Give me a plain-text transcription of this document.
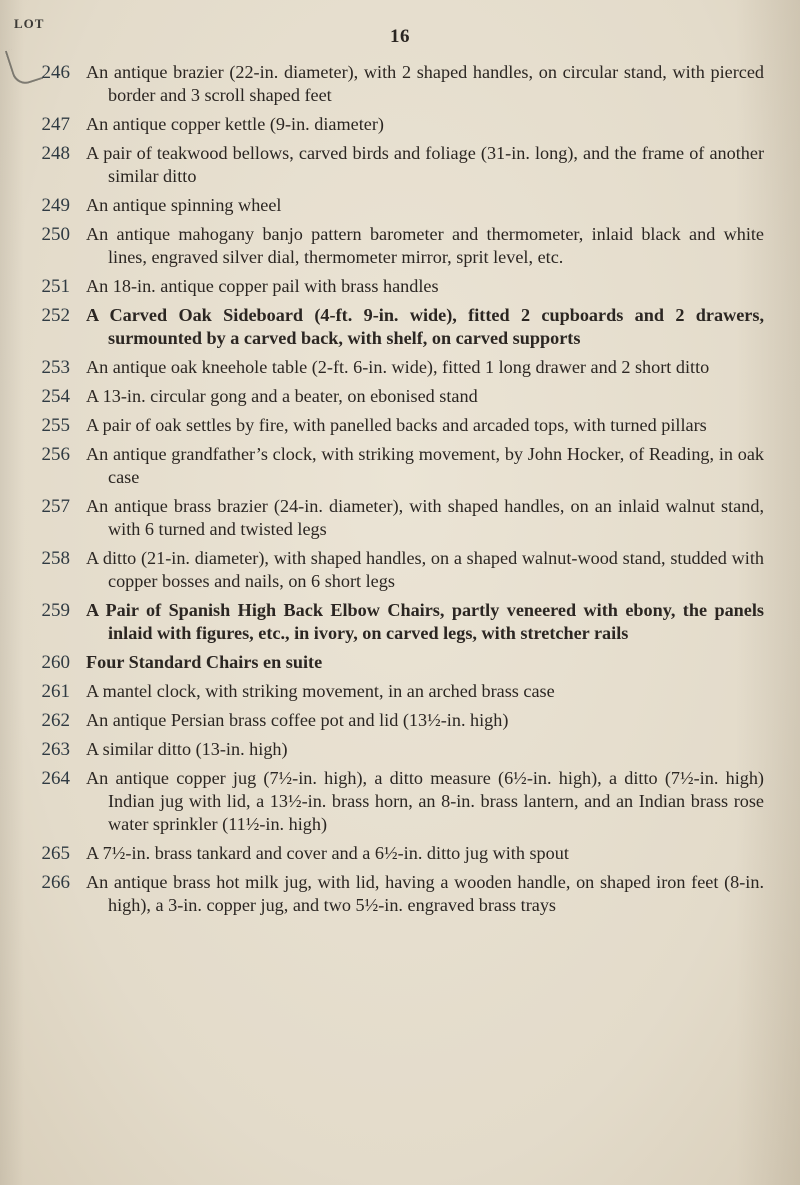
16
LOT
246 An antique brazier (22-in. diameter), with 2 shaped handles, on circular stand, with pierced border and 3 scroll shaped feet
247 An antique copper kettle (9-in. diameter)
248 A pair of teakwood bellows, carved birds and foliage (31-in. long), and the frame of another similar ditto
249 An antique spinning wheel
250 An antique mahogany banjo pattern barometer and thermometer, inlaid black and white lines, engraved silver dial, thermometer mirror, sprit level, etc.
251 An 18-in. antique copper pail with brass handles
252 A Carved Oak Sideboard (4-ft. 9-in. wide), fitted 2 cupboards and 2 drawers, surmounted by a carved back, with shelf, on carved supports
253 An antique oak kneehole table (2-ft. 6-in. wide), fitted 1 long drawer and 2 short ditto
254 A 13-in. circular gong and a beater, on ebonised stand
255 A pair of oak settles by fire, with panelled backs and arcaded tops, with turned pillars
256 An antique grandfather’s clock, with striking movement, by John Hocker, of Reading, in oak case
257 An antique brass brazier (24-in. diameter), with shaped handles, on an inlaid walnut stand, with 6 turned and twisted legs
258 A ditto (21-in. diameter), with shaped handles, on a shaped walnut-wood stand, studded with copper bosses and nails, on 6 short legs
259 A Pair of Spanish High Back Elbow Chairs, partly veneered with ebony, the panels inlaid with figures, etc., in ivory, on carved legs, with stretcher rails
260 Four Standard Chairs en suite
261 A mantel clock, with striking movement, in an arched brass case
262 An antique Persian brass coffee pot and lid (13½-in. high)
263 A similar ditto (13-in. high)
264 An antique copper jug (7½-in. high), a ditto measure (6½-in. high), a ditto (7½-in. high) Indian jug with lid, a 13½-in. brass horn, an 8-in. brass lantern, and an Indian brass rose water sprinkler (11½-in. high)
265 A 7½-in. brass tankard and cover and a 6½-in. ditto jug with spout
266 An antique brass hot milk jug, with lid, having a wooden handle, on shaped iron feet (8-in. high), a 3-in. copper jug, and two 5½-in. engraved brass trays
